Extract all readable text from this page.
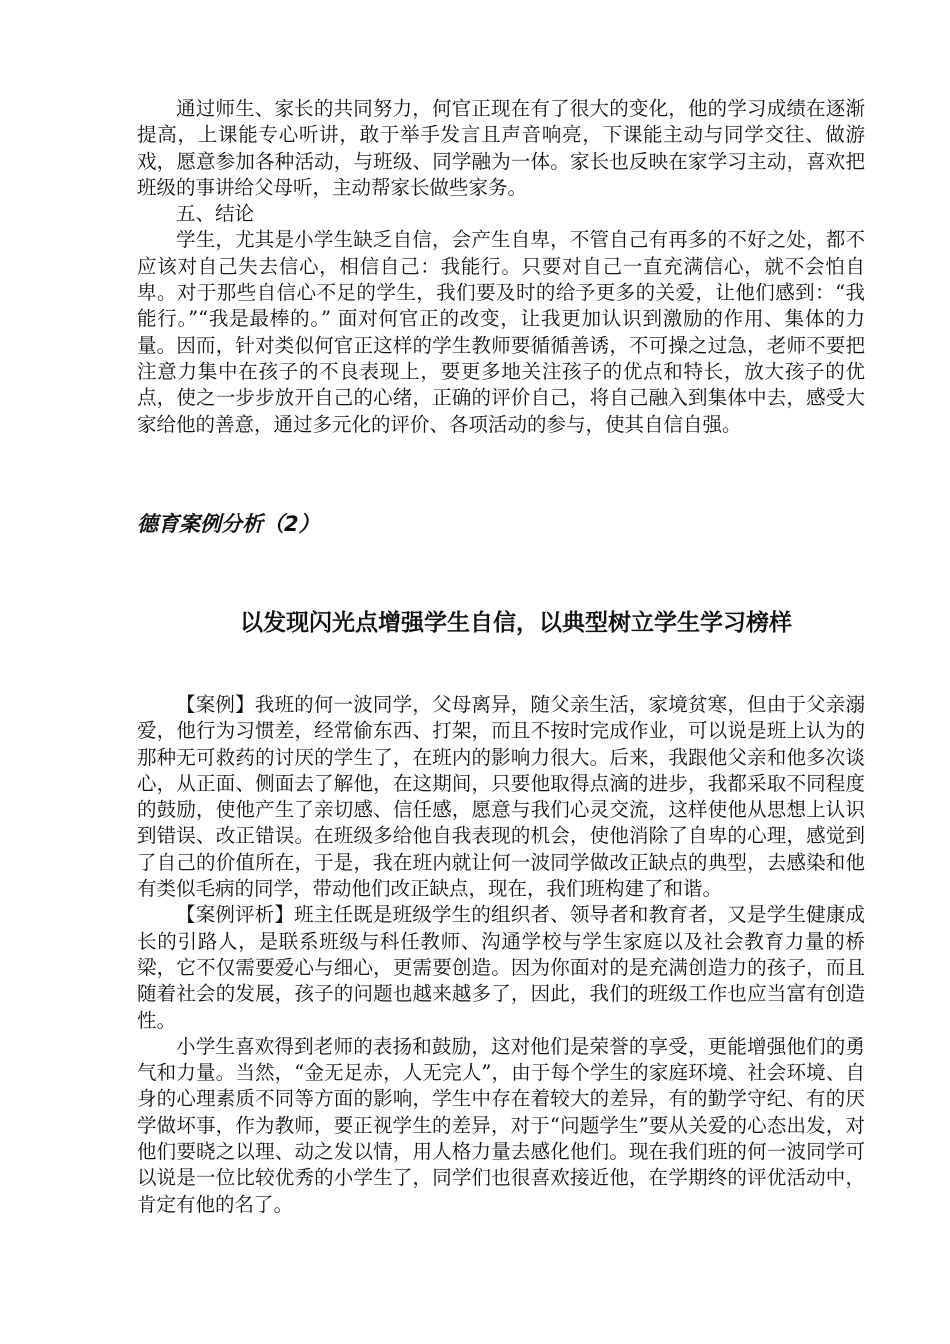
通过师生、家长的共同努力，何官正现在有了很大的变化，他的学习成绩在逐渐提高，上课能专心听讲，敢于举手发言且声音响亮，下课能主动与同学交往、做游戏，愿意参加各种活动，与班级、同学融为一体。家长也反映在家学习主动，喜欢把班级的事讲给父母听，主动帮家长做些家务。

五、结论

学生，尤其是小学生缺乏自信，会产生自卑，不管自己有再多的不好之处，都不应该对自己失去信心，相信自己：我能行。只要对自己一直充满信心，就不会怕自卑。对于那些自信心不足的学生，我们要及时的给予更多的关爱，让他们感到：“我能行。”“我是最棒的。” 面对何官正的改变，让我更加认识到激励的作用、集体的力量。因而，针对类似何官正这样的学生教师要循循善诱，不可操之过急，老师不要把注意力集中在孩子的不良表现上，要更多地关注孩子的优点和特长，放大孩子的优点，使之一步步放开自己的心绪，正确的评价自己，将自己融入到集体中去，感受大家给他的善意，通过多元化的评价、各项活动的参与，使其自信自强。

德育案例分析（2）
以发现闪光点增强学生自信，以典型树立学生学习榜样

【案例】我班的何一波同学，父母离异，随父亲生活，家境贫寒，但由于父亲溺爱，他行为习惯差，经常偷东西、打架，而且不按时完成作业，可以说是班上认为的那种无可救药的讨厌的学生了，在班内的影响力很大。后来，我跟他父亲和他多次谈心，从正面、侧面去了解他，在这期间，只要他取得点滴的进步，我都采取不同程度的鼓励，使他产生了亲切感、信任感，愿意与我们心灵交流，这样使他从思想上认识到错误、改正错误。在班级多给他自我表现的机会，使他消除了自卑的心理，感觉到了自己的价值所在，于是，我在班内就让何一波同学做改正缺点的典型，去感染和他有类似毛病的同学，带动他们改正缺点，现在，我们班构建了和谐。

【案例评析】班主任既是班级学生的组织者、领导者和教育者，又是学生健康成长的引路人，是联系班级与科任教师、沟通学校与学生家庭以及社会教育力量的桥梁，它不仅需要爱心与细心，更需要创造。因为你面对的是充满创造力的孩子，而且随着社会的发展，孩子的问题也越来越多了，因此，我们的班级工作也应当富有创造性。

小学生喜欢得到老师的表扬和鼓励，这对他们是荣誉的享受，更能增强他们的勇气和力量。当然，“金无足赤，人无完人”，由于每个学生的家庭环境、社会环境、自身的心理素质不同等方面的影响，学生中存在着较大的差异，有的勤学守纪、有的厌学做坏事，作为教师，要正视学生的差异，对于“问题学生”要从关爱的心态出发，对他们要晓之以理、动之发以情，用人格力量去感化他们。现在我们班的何一波同学可以说是一位比较优秀的小学生了，同学们也很喜欢接近他，在学期终的评优活动中，肯定有他的名了。
